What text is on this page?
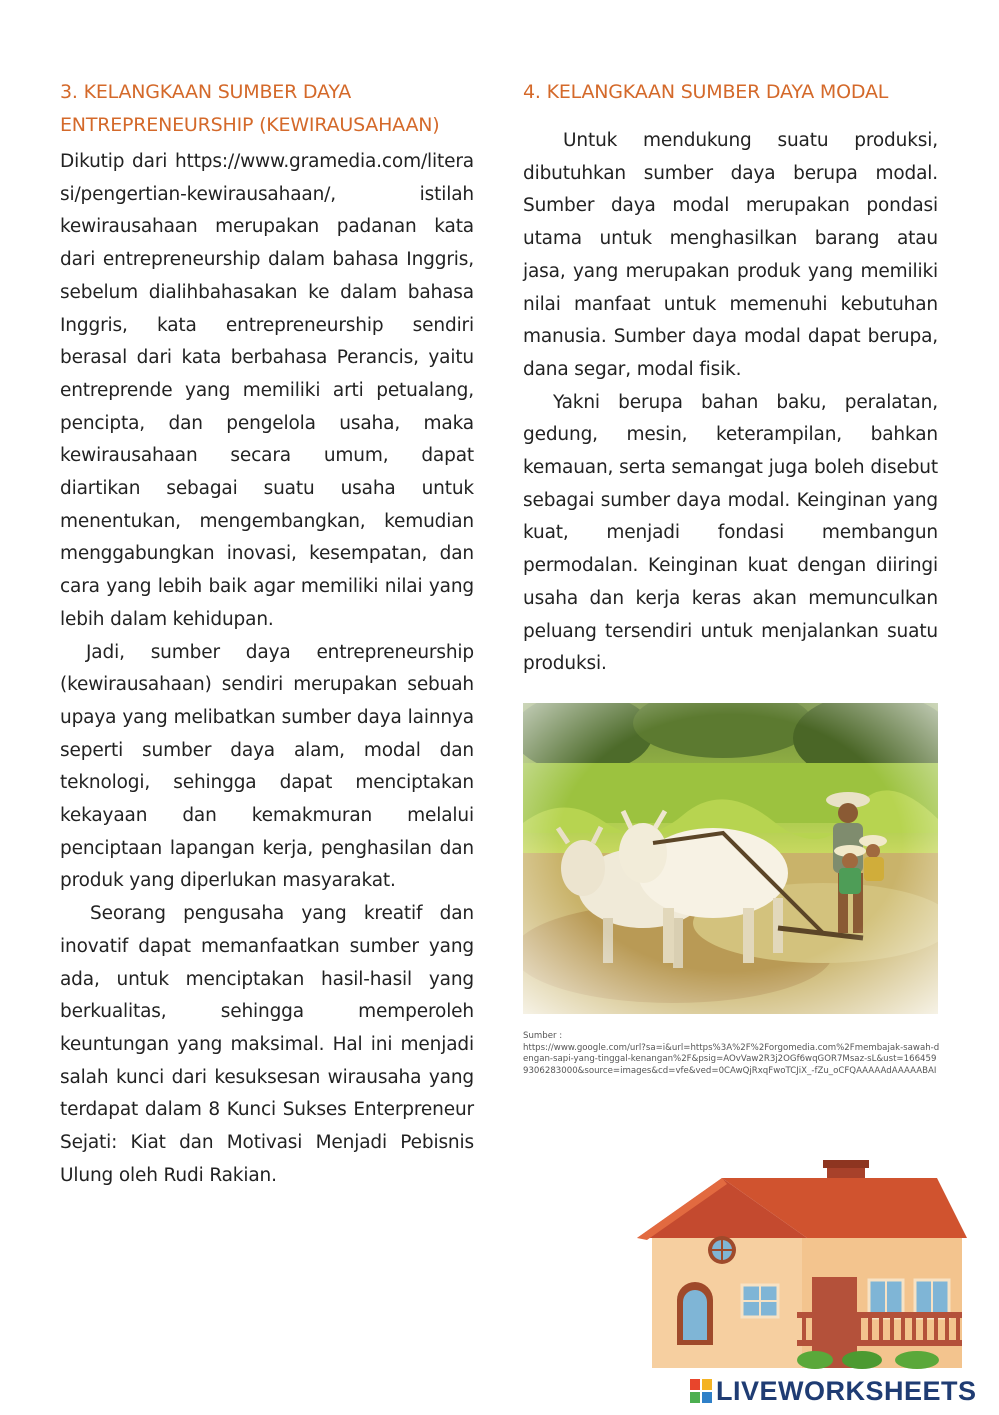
3. KELANGKAAN SUMBER DAYA
ENTREPRENEURSHIP (KEWIRAUSAHAAN)

Dikutip dari https://www.gramedia.com/literasi/pengertian-kewirausahaan/,	istilah kewirausahaan merupakan padanan kata dari entrepreneurship dalam bahasa Inggris, sebelum dialihbahasakan ke dalam bahasa Inggris, kata entrepreneurship sendiri berasal dari kata berbahasa Perancis, yaitu entreprende yang memiliki arti petualang, pencipta, dan pengelola usaha, maka kewirausahaan secara umum, dapat diartikan sebagai suatu usaha untuk menentukan, mengembangkan, kemudian menggabungkan inovasi, kesempatan, dan cara yang lebih baik agar memiliki nilai yang lebih dalam kehidupan.

Jadi, sumber daya entrepreneurship (kewirausahaan) sendiri merupakan sebuah upaya yang melibatkan sumber daya lainnya seperti sumber daya alam, modal dan teknologi, sehingga dapat menciptakan kekayaan dan kemakmuran melalui penciptaan lapangan kerja, penghasilan dan produk yang diperlukan masyarakat.

Seorang pengusaha yang kreatif dan inovatif dapat memanfaatkan sumber yang ada, untuk menciptakan hasil-hasil yang berkualitas, sehingga memperoleh keuntungan yang maksimal. Hal ini menjadi salah kunci dari kesuksesan wirausaha yang terdapat dalam 8 Kunci Sukses Enterpreneur Sejati: Kiat dan Motivasi Menjadi Pebisnis Ulung oleh Rudi Rakian.

4. KELANGKAAN SUMBER DAYA MODAL

Untuk mendukung suatu produksi, dibutuhkan sumber daya berupa modal. Sumber daya modal merupakan pondasi utama untuk menghasilkan barang atau jasa, yang merupakan produk yang memiliki nilai manfaat untuk memenuhi kebutuhan manusia. Sumber daya modal dapat berupa, dana segar, modal fisik.

Yakni berupa bahan baku, peralatan, gedung, mesin, keterampilan, bahkan kemauan, serta semangat juga boleh disebut sebagai sumber daya modal. Keinginan yang kuat, menjadi fondasi membangun permodalan. Keinginan kuat dengan diiringi usaha dan kerja keras akan memunculkan peluang tersendiri untuk menjalankan suatu produksi.

Sumber :
https://www.google.com/url?sa=i&url=https%3A%2F%2Forgomedia.com%2Fmembajak-sawah-dengan-sapi-yang-tinggal-kenangan%2F&psig=AOvVaw2R3j2OGf6wqGOR7Msaz-sL&ust=1664599306283000&source=images&cd=vfe&ved=0CAwQjRxqFwoTCJiX_-fZu_oCFQAAAAAdAAAAABAI
LIVEWORKSHEETS
